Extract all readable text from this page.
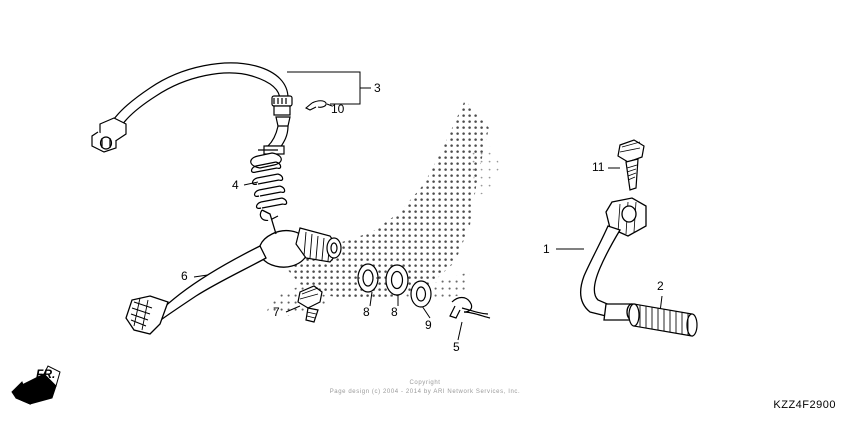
1
2
3
4
5
6
7	8 8
9
10
11
FR.
Copyright
Page design (c) 2004 - 2014 by ARI Network Services, Inc.
KZZ4F2900
